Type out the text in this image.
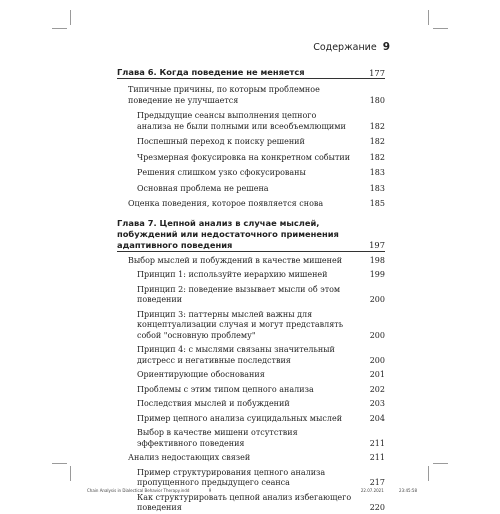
Содержание 9
Глава 6. Когда поведение не меняется	177
Типичные причины, по которым проблемное поведение не улучшается	180
Предыдущие сеансы выполнения цепного анализа не были полными или всеобъемлющими	182
Поспешный переход к поиску решений	182
Чрезмерная фокусировка на конкретном событии	182
Решения слишком узко сфокусированы	183
Основная проблема не решена	183
Оценка поведения, которое появляется снова	185
Глава 7. Цепной анализ в случае мыслей, побуждений или недостаточного применения адаптивного поведения	197
Выбор мыслей и побуждений в качестве мишеней	198
Принцип 1: используйте иерархию мишеней	199
Принцип 2: поведение вызывает мысли об этом поведении	200
Принцип 3: паттерны мыслей важны для концептуализации случая и могут представлять собой "основную проблему"	200
Принцип 4: с мыслями связаны значительный дистресс и негативные последствия	200
Ориентирующие обоснования	201
Проблемы с этим типом цепного анализа	202
Последствия мыслей и побуждений	203
Пример цепного анализа суицидальных мыслей	204
Выбор в качестве мишени отсутствия эффективного поведения	211
Анализ недостающих связей	211
Пример структурирования цепного анализа пропущенного предыдущего сеанса	217
Как структурировать цепной анализ избегающего поведения	220
Chain Analysis in Dialectical Behavior Therapy.indd	9	22.07.2021	23:45:58
